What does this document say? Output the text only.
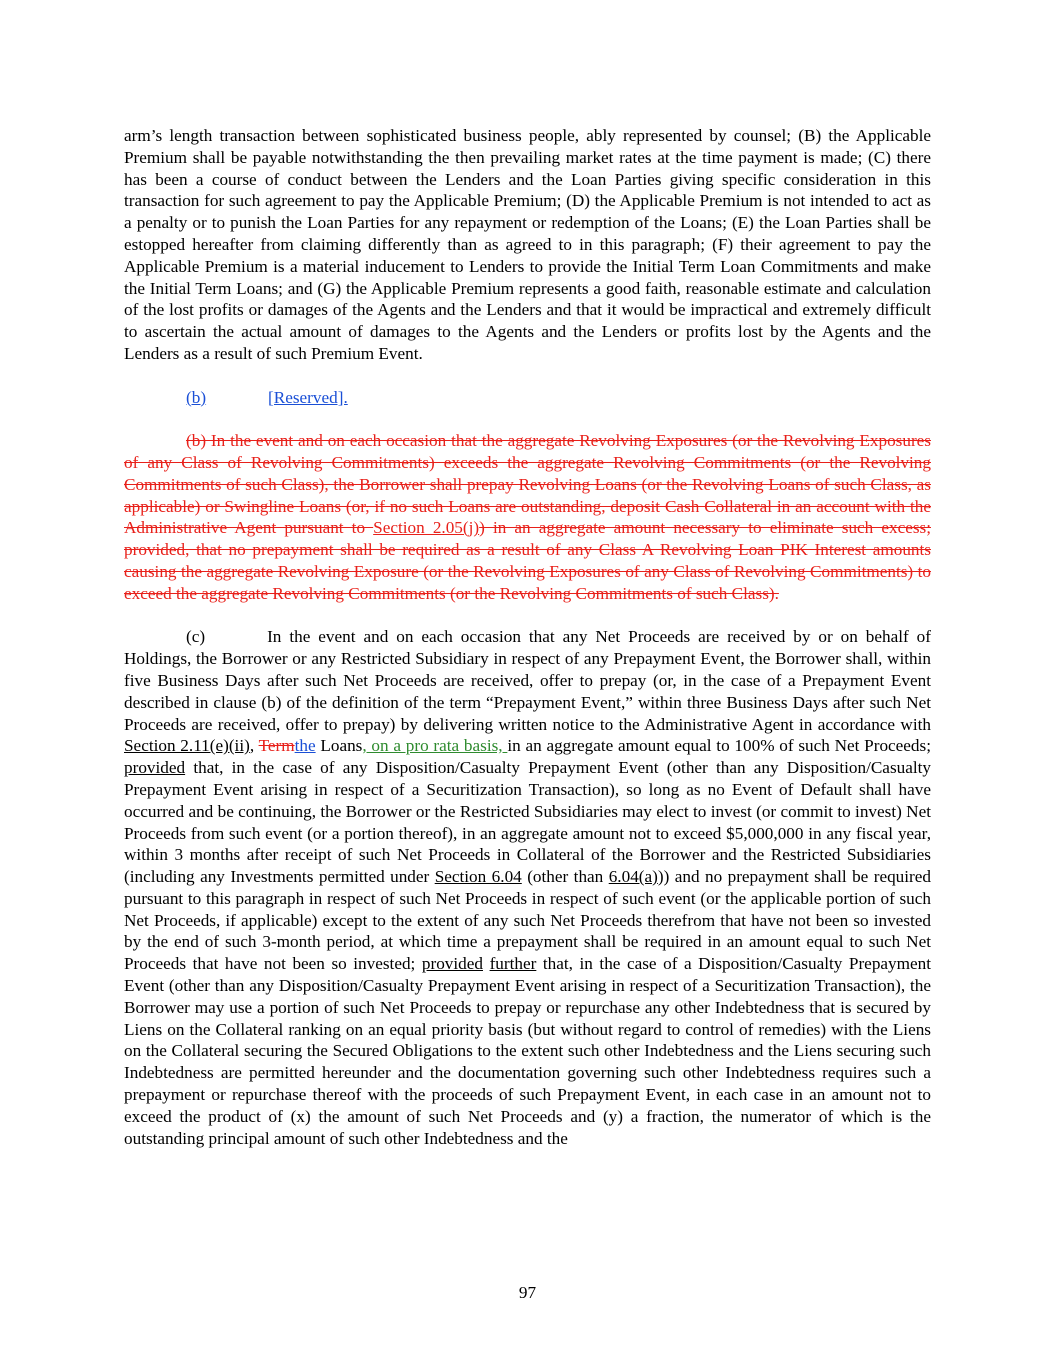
arm’s length transaction between sophisticated business people, ably represented by counsel; (B) the Applicable Premium shall be payable notwithstanding the then prevailing market rates at the time payment is made; (C) there has been a course of conduct between the Lenders and the Loan Parties giving specific consideration in this transaction for such agreement to pay the Applicable Premium; (D) the Applicable Premium is not intended to act as a penalty or to punish the Loan Parties for any repayment or redemption of the Loans; (E) the Loan Parties shall be estopped hereafter from claiming differently than as agreed to in this paragraph; (F) their agreement to pay the Applicable Premium is a material inducement to Lenders to provide the Initial Term Loan Commitments and make the Initial Term Loans; and (G) the Applicable Premium represents a good faith, reasonable estimate and calculation of the lost profits or damages of the Agents and the Lenders and that it would be impractical and extremely difficult to ascertain the actual amount of damages to the Agents and the Lenders or profits lost by the Agents and the Lenders as a result of such Premium Event.

(b)	[Reserved].

(b) In the event and on each occasion that the aggregate Revolving Exposures (or the Revolving Exposures of any Class of Revolving Commitments) exceeds the aggregate Revolving Commitments (or the Revolving Commitments of such Class), the Borrower shall prepay Revolving Loans (or the Revolving Loans of such Class, as applicable) or Swingline Loans (or, if no such Loans are outstanding, deposit Cash Collateral in an account with the Administrative Agent pursuant to Section 2.05(j)) in an aggregate amount necessary to eliminate such excess; provided, that no prepayment shall be required as a result of any Class A Revolving Loan PIK Interest amounts causing the aggregate Revolving Exposure (or the Revolving Exposures of any Class of Revolving Commitments) to exceed the aggregate Revolving Commitments (or the Revolving Commitments of such Class).

(c)	In the event and on each occasion that any Net Proceeds are received by or on behalf of Holdings, the Borrower or any Restricted Subsidiary in respect of any Prepayment Event, the Borrower shall, within five Business Days after such Net Proceeds are received, offer to prepay (or, in the case of a Prepayment Event described in clause (b) of the definition of the term “Prepayment Event,” within three Business Days after such Net Proceeds are received, offer to prepay) by delivering written notice to the Administrative Agent in accordance with Section 2.11(e)(ii), Termthe Loans, on a pro rata basis, in an aggregate amount equal to 100% of such Net Proceeds; provided that, in the case of any Disposition/Casualty Prepayment Event (other than any Disposition/Casualty Prepayment Event arising in respect of a Securitization Transaction), so long as no Event of Default shall have occurred and be continuing, the Borrower or the Restricted Subsidiaries may elect to invest (or commit to invest) Net Proceeds from such event (or a portion thereof), in an aggregate amount not to exceed $5,000,000 in any fiscal year, within 3 months after receipt of such Net Proceeds in Collateral of the Borrower and the Restricted Subsidiaries (including any Investments permitted under Section 6.04 (other than 6.04(a))) and no prepayment shall be required pursuant to this paragraph in respect of such Net Proceeds in respect of such event (or the applicable portion of such Net Proceeds, if applicable) except to the extent of any such Net Proceeds therefrom that have not been so invested by the end of such 3-month period, at which time a prepayment shall be required in an amount equal to such Net Proceeds that have not been so invested; provided further that, in the case of a Disposition/Casualty Prepayment Event (other than any Disposition/Casualty Prepayment Event arising in respect of a Securitization Transaction), the Borrower may use a portion of such Net Proceeds to prepay or repurchase any other Indebtedness that is secured by Liens on the Collateral ranking on an equal priority basis (but without regard to control of remedies) with the Liens on the Collateral securing the Secured Obligations to the extent such other Indebtedness and the Liens securing such Indebtedness are permitted hereunder and the documentation governing such other Indebtedness requires such a prepayment or repurchase thereof with the proceeds of such Prepayment Event, in each case in an amount not to exceed the product of (x) the amount of such Net Proceeds and (y) a fraction, the numerator of which is the outstanding principal amount of such other Indebtedness and the

97
